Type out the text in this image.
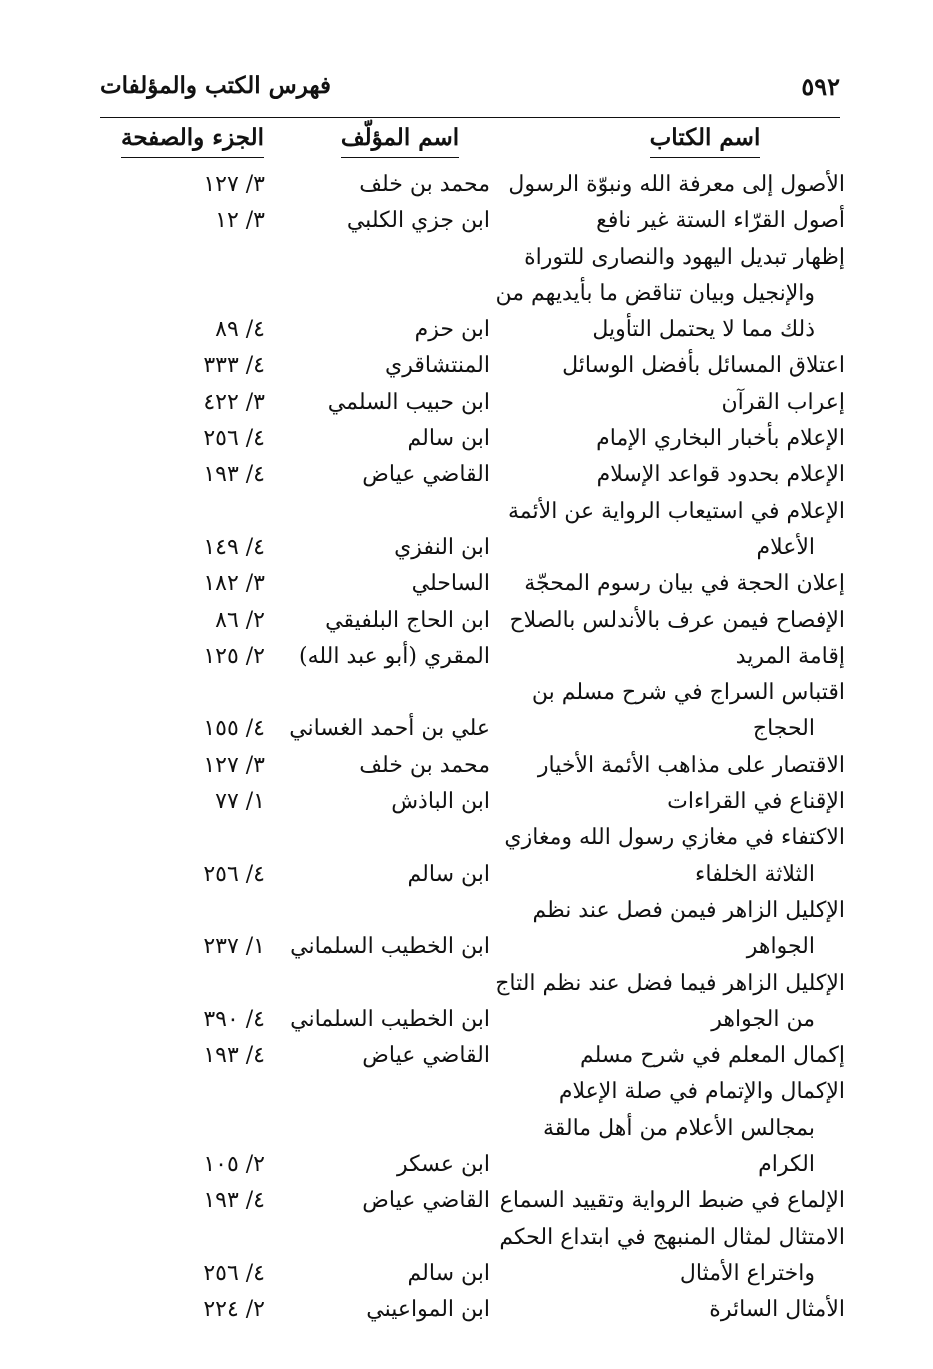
٥٩٢
فهرس الكتب والمؤلفات
اسم الكتاب
اسم المؤلّف
الجزء والصفحة
الأصول إلى معرفة الله ونبوّة الرسول
محمد بن خلف
٣/ ١٢٧
أصول القرّاء الستة غير نافع
ابن جزي الكلبي
٣/ ١٢
إظهار تبديل اليهود والنصارى للتوراة
والإنجيل وبيان تناقض ما بأيديهم من
ذلك مما لا يحتمل التأويل
ابن حزم
٤/ ٨٩
اعتلاق المسائل بأفضل الوسائل
المنتشاقري
٤/ ٣٣٣
إعراب القرآن
ابن حبيب السلمي
٣/ ٤٢٢
الإعلام بأخبار البخاري الإمام
ابن سالم
٤/ ٢٥٦
الإعلام بحدود قواعد الإسلام
القاضي عياض
٤/ ١٩٣
الإعلام في استيعاب الرواية عن الأئمة
الأعلام
ابن النفزي
٤/ ١٤٩
إعلان الحجة في بيان رسوم المحجّة
الساحلي
٣/ ١٨٢
الإفصاح فيمن عرف بالأندلس بالصلاح
ابن الحاج البلفيقي
٢/ ٨٦
إقامة المريد
المقري (أبو عبد الله)
٢/ ١٢٥
اقتباس السراج في شرح مسلم بن
الحجاج
علي بن أحمد الغساني
٤/ ١٥٥
الاقتصار على مذاهب الأئمة الأخيار
محمد بن خلف
٣/ ١٢٧
الإقناع في القراءات
ابن الباذش
١/ ٧٧
الاكتفاء في مغازي رسول الله ومغازي
الثلاثة الخلفاء
ابن سالم
٤/ ٢٥٦
الإكليل الزاهر فيمن فصل عند نظم
الجواهر
ابن الخطيب السلماني
١/ ٢٣٧
الإكليل الزاهر فيما فضل عند نظم التاج
من الجواهر
ابن الخطيب السلماني
٤/ ٣٩٠
إكمال المعلم في شرح مسلم
القاضي عياض
٤/ ١٩٣
الإكمال والإتمام في صلة الإعلام
بمجالس الأعلام من أهل مالقة
الكرام
ابن عسكر
٢/ ١٠٥
الإلماع في ضبط الرواية وتقييد السماع
القاضي عياض
٤/ ١٩٣
الامتثال لمثال المنبهج في ابتداع الحكم
واختراع الأمثال
ابن سالم
٤/ ٢٥٦
الأمثال السائرة
ابن المواعيني
٢/ ٢٢٤
